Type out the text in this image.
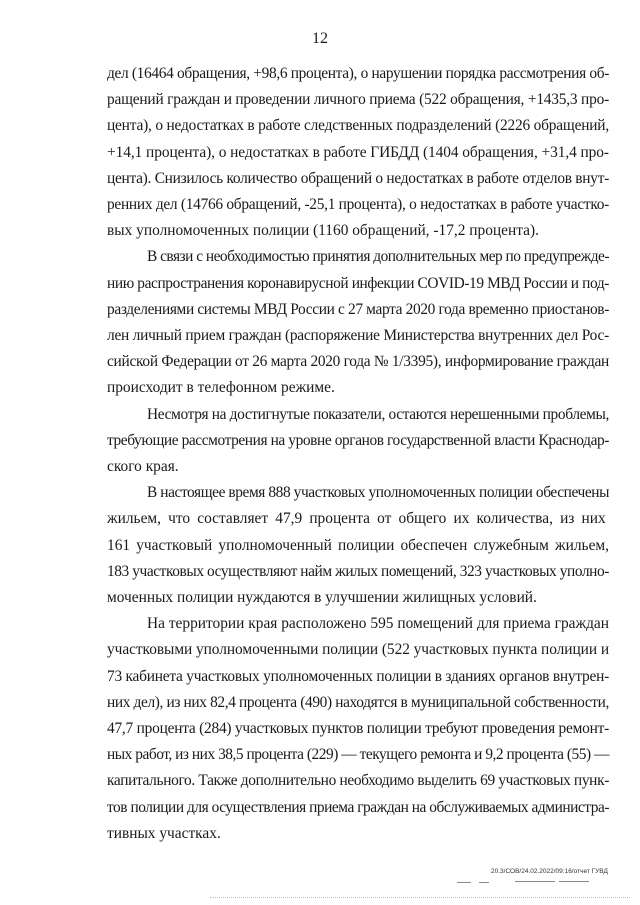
12
дел (16464 обращения, +98,6 процента), о нарушении порядка рассмотрения об-
ращений граждан и проведении личного приема (522 обращения, +1435,3 про-
цента), о недостатках в работе следственных подразделений (2226 обращений,
+14,1 процента), о недостатках в работе ГИБДД (1404 обращения, +31,4 про-
цента). Снизилось количество обращений о недостатках в работе отделов внут-
ренних дел (14766 обращений, -25,1 процента), о недостатках в работе участко-
вых уполномоченных полиции (1160 обращений, -17,2 процента).
В связи с необходимостью принятия дополнительных мер по предупрежде-
нию распространения коронавирусной инфекции COVID-19 МВД России и под-
разделениями системы МВД России с 27 марта 2020 года временно приостанов-
лен личный прием граждан (распоряжение Министерства внутренних дел Рос-
сийской Федерации от 26 марта 2020 года № 1/3395), информирование граждан
происходит в телефонном режиме.
Несмотря на достигнутые показатели, остаются нерешенными проблемы,
требующие рассмотрения на уровне органов государственной власти Краснодар-
ского края.
В настоящее время 888 участковых уполномоченных полиции обеспечены
жильем, что составляет 47,9 процента от общего их количества, из них
161 участковый уполномоченный полиции обеспечен служебным жильем,
183 участковых осуществляют найм жилых помещений, 323 участковых уполно-
моченных полиции нуждаются в улучшении жилищных условий.
На территории края расположено 595 помещений для приема граждан
участковыми уполномоченными полиции (522 участковых пункта полиции и
73 кабинета участковых уполномоченных полиции в зданиях органов внутрен-
них дел), из них 82,4 процента (490) находятся в муниципальной собственности,
47,7 процента (284) участковых пунктов полиции требуют проведения ремонт-
ных работ, из них 38,5 процента (229) — текущего ремонта и 9,2 процента (55) —
капитального. Также дополнительно необходимо выделить 69 участковых пунк-
тов полиции для осуществления приема граждан на обслуживаемых администра-
тивных участках.
20.3/СОВ/24.02.2022/09:16/отчет ГУВД
